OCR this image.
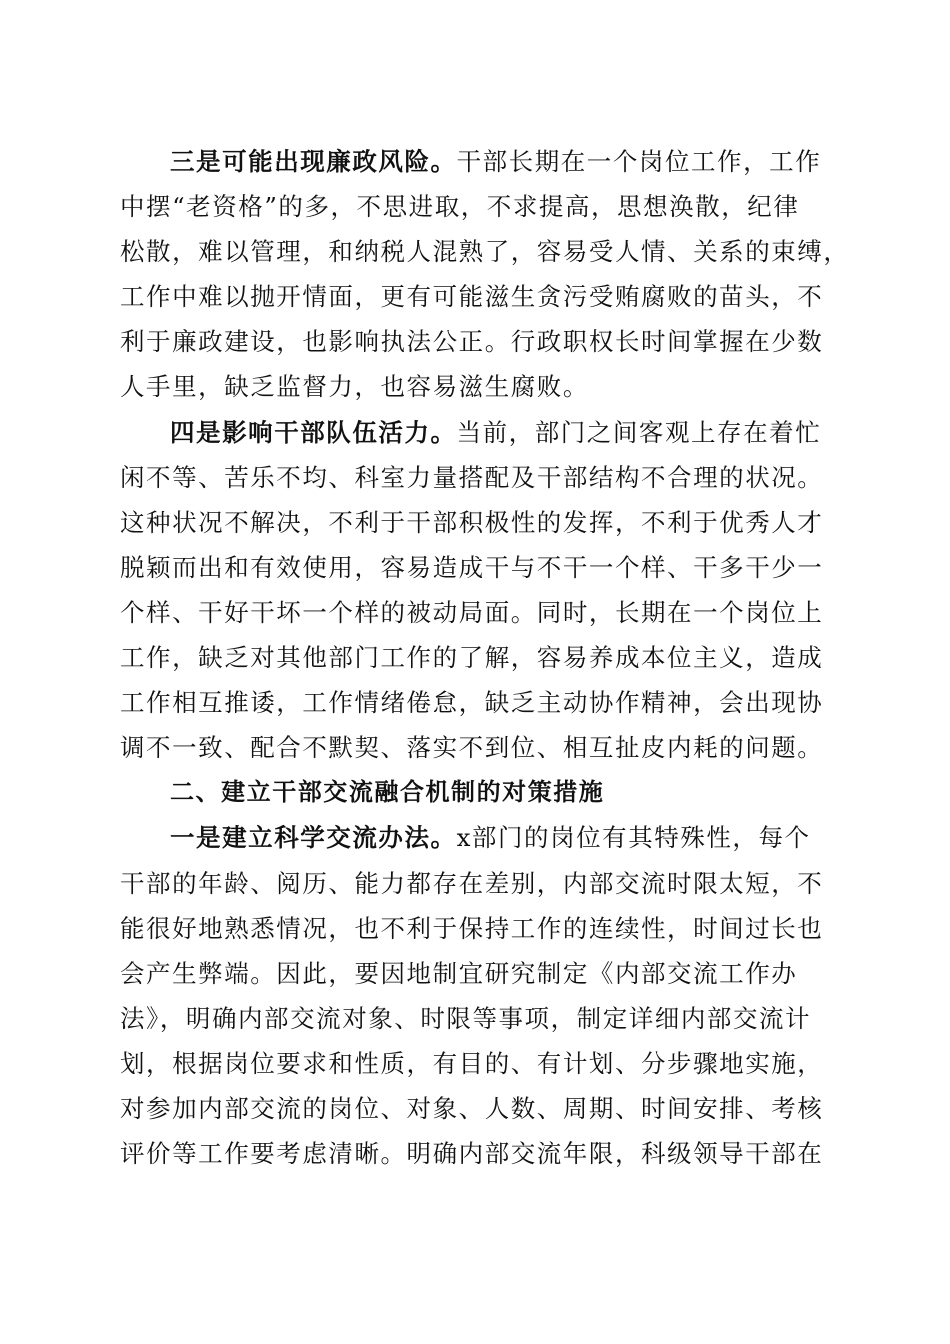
三是可能出现廉政风险。干部长期在一个岗位工作，工作
中摆“老资格”的多，不思进取，不求提高，思想涣散，纪律
松散，难以管理，和纳税人混熟了，容易受人情、关系的束缚，
工作中难以抛开情面，更有可能滋生贪污受贿腐败的苗头，不
利于廉政建设，也影响执法公正。行政职权长时间掌握在少数
人手里，缺乏监督力，也容易滋生腐败。
四是影响干部队伍活力。当前，部门之间客观上存在着忙
闲不等、苦乐不均、科室力量搭配及干部结构不合理的状况。
这种状况不解决，不利于干部积极性的发挥，不利于优秀人才
脱颖而出和有效使用，容易造成干与不干一个样、干多干少一
个样、干好干坏一个样的被动局面。同时，长期在一个岗位上
工作，缺乏对其他部门工作的了解，容易养成本位主义，造成
工作相互推诿，工作情绪倦怠，缺乏主动协作精神，会出现协
调不一致、配合不默契、落实不到位、相互扯皮内耗的问题。
二、建立干部交流融合机制的对策措施
一是建立科学交流办法。x部门的岗位有其特殊性，每个
干部的年龄、阅历、能力都存在差别，内部交流时限太短，不
能很好地熟悉情况，也不利于保持工作的连续性，时间过长也
会产生弊端。因此，要因地制宜研究制定《内部交流工作办
法》，明确内部交流对象、时限等事项，制定详细内部交流计
划，根据岗位要求和性质，有目的、有计划、分步骤地实施，
对参加内部交流的岗位、对象、人数、周期、时间安排、考核
评价等工作要考虑清晰。明确内部交流年限，科级领导干部在
